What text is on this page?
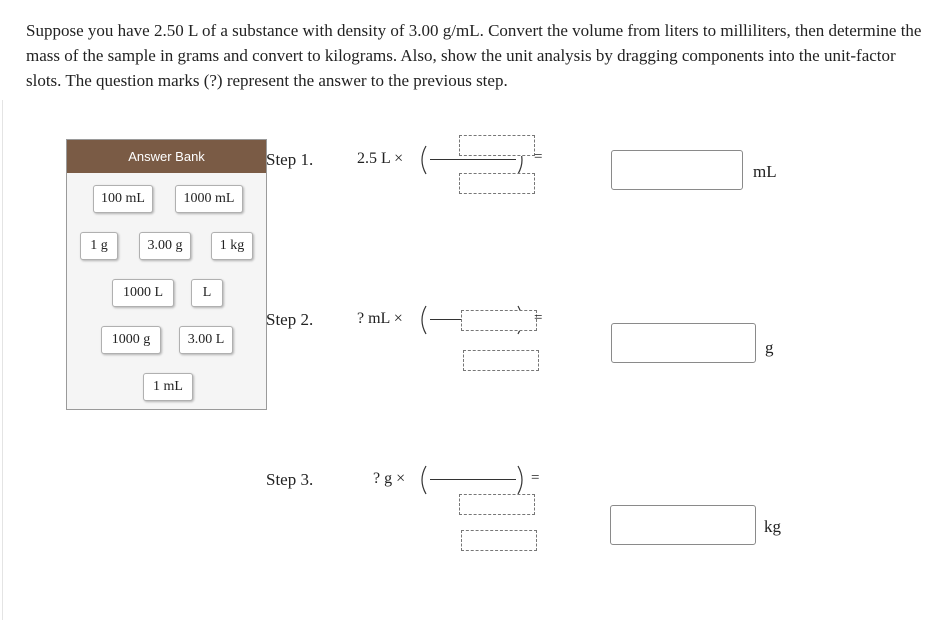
Suppose you have 2.50 L of a substance with density of 3.00 g/mL. Convert the volume from liters to milliliters, then determine the mass of the sample in grams and convert to kilograms. Also, show the unit analysis by dragging components into the unit-factor slots. The question marks (?) represent the answer to the previous step.

Answer Bank
100 mL	1000 mL
1 g	3.00 g	1 kg
1000 L	L
1000 g	3.00 L
1 mL
Step 1.	2.5 L ×	=
mL
Step 2.	? mL ×	=
g
Step 3.	? g ×	=
kg
